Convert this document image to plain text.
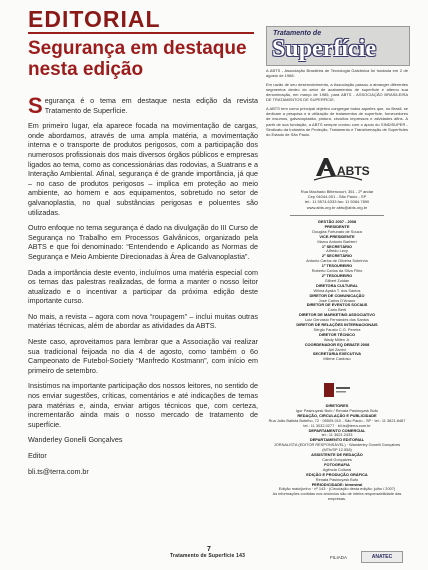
EDITORIAL
Segurança em destaque
nesta edição

Segurança é o tema em destaque nesta edição da revista Tratamento de Superfície.

Em primeiro lugar, ela aparece focada na movimentação de cargas, onde abordamos, através de uma ampla matéria, a movimentação interna e o transporte de produtos perigosos, com a participação dos numerosos profissionais dos mais diversos órgãos públicos e empresas ligados ao tema, como as concessionárias das rodovias, a Suatrans e a Interação Ambiental. Afinal, segurança é de grande importância, já que – no caso de produtos perigosos – implica em proteção ao meio ambiente, ao homem e aos equipamentos, sobretudo no setor de galvanoplastia, no qual substâncias perigosas e poluentes são utilizadas.

Outro enfoque no tema segurança é dado na divulgação do III Curso de Segurança no Trabalho em Processos Galvânicos, organizado pela ABTS e que foi denominado: “Entendendo e Aplicando as Normas de Segurança e Meio Ambiente Direcionadas à Área de Galvanoplastia”.

Dada a importância deste evento, incluímos uma matéria especial com os temas das palestras realizadas, de forma a manter o nosso leitor atualizado e o incentivar a participar da próxima edição deste importante curso.

No mais, a revista – agora com nova “roupagem” – inclui muitas outras matérias técnicas, além de abordar as atividades da ABTS.

Neste caso, aproveitamos para lembrar que a Associação vai realizar sua tradicional feijoada no dia 4 de agosto, como também o 6o Campeonato de Futebol-Society “Manfredo Kostmann”, com início em primeiro de setembro.

Insistimos na importante participação dos nossos leitores, no sentido de nos enviar sugestões, críticas, comentários e até indicações de temas para matérias e, ainda, enviar artigos técnicos que, com certeza, incrementarão ainda mais o nosso mercado de tratamento de superfície.

Wanderley Gonelli Gonçalves

Editor

bli.ts@terra.com.br

Tratamento de
Superfície

A ABTS - Associação Brasileira de Tecnologia Galvânica foi fundada em 2 de agosto de 1968.

Em razão de seu desenvolvimento, a Associação passou a abranger diferentes segmentos dentro do setor de acabamentos de superfície e alterou sua denominação, em março de 1985, para ABTS - ASSOCIAÇÃO BRASILEIRA DE TRATAMENTOS DE SUPERFÍCIE.

A ABTS tem como principal objetivo congregar todos aqueles que, no Brasil, se dedicam a pesquisa e à utilização de tratamentos de superfície, fornecedores de insumos, galvanoplastia, pintura, circuitos impressos e atividades afins. A partir de sua fundação, a ABTS sempre contou com o apoio do SINDISUPER - Sindicato da Indústria de Proteção, Tratamento e Transformação de Superfícies do Estado de São Paulo.

ABTS
Rua Machado Bittencourt, 361 - 2º andar
Cep 04044-001 - São Paulo - SP
tel.: 11 5574.6333 fax: 11 5084.7890
www.abts.org.br abts@abts.org.br
GESTÃO 2007 - 2008
PRESIDENTE
Douglas Fortunato de Souza
VICE-PRESIDENTE
Marco Antonio Barbieri
1º SECRETÁRIO
Alfredo Levy
2º SECRETÁRIO
Antonio Carlos de Oliveira Sobrinho
1º TESOUREIRO
Roberto Carlos da Silva Filho
2º TESOUREIRO
Gilbert Zoldan
DIRETORA CULTURAL
Wilma Ayako T. dos Santos
DIRETOR DE COMUNICAÇÃO
José Carlos D'Amaro
DIRETOR DE EVENTOS SOCIAIS
Carlo Berti
DIRETOR DE MARKETING ASSOCIATIVO
Luiz Gervasio Fernandes dos Santos
DIRETOR DE RELAÇÕES INTERNACIONAIS
Sérgio Fausto C.G. Pereira
DIRETOR TÉCNICO
Wady Millen Jr.
COORDENADOR EQ DEBATE 2008
Airi Zanini
SECRETÁRIA EXECUTIVA
Milene Cardoso
DIRETORES
Igor Pasinuyzsk Bufo / Renata Pasinuyzsk Bufo
REDAÇÃO, CIRCULAÇÃO E PUBLICIDADE
Rua João Batista Botelho, 72 · 05509-010 - São Paulo - SP · tel.: 11 3621.8487 tel.: 11 3032.0277 · bli.ts@terra.com.br
DEPARTAMENTO COMERCIAL
tel.: 11 3621.2433
DEPARTAMENTO EDITORIAL
JORNALISTA (EDITOR RESPONSÁVEL) · Wanderley Gonelli Gonçalves (MTb/SP 12.558)
ASSISTENTE DE REDAÇÃO
Caroli Gonçalves
FOTOGRAFIA
Agência Cultural
EDIÇÃO E PRODUÇÃO GRÁFICA
Renata Pasinuyzsk Bufo
PERIODICIDADE: bimestral
Edição maio/junho · nº 143 · (Circulação desta edição: julho / 2007)
As informações contidas nos anúncios são de inteira responsabilidade das empresas.
FILIADA	ANATEC
7
Tratamento de Superfície 143
